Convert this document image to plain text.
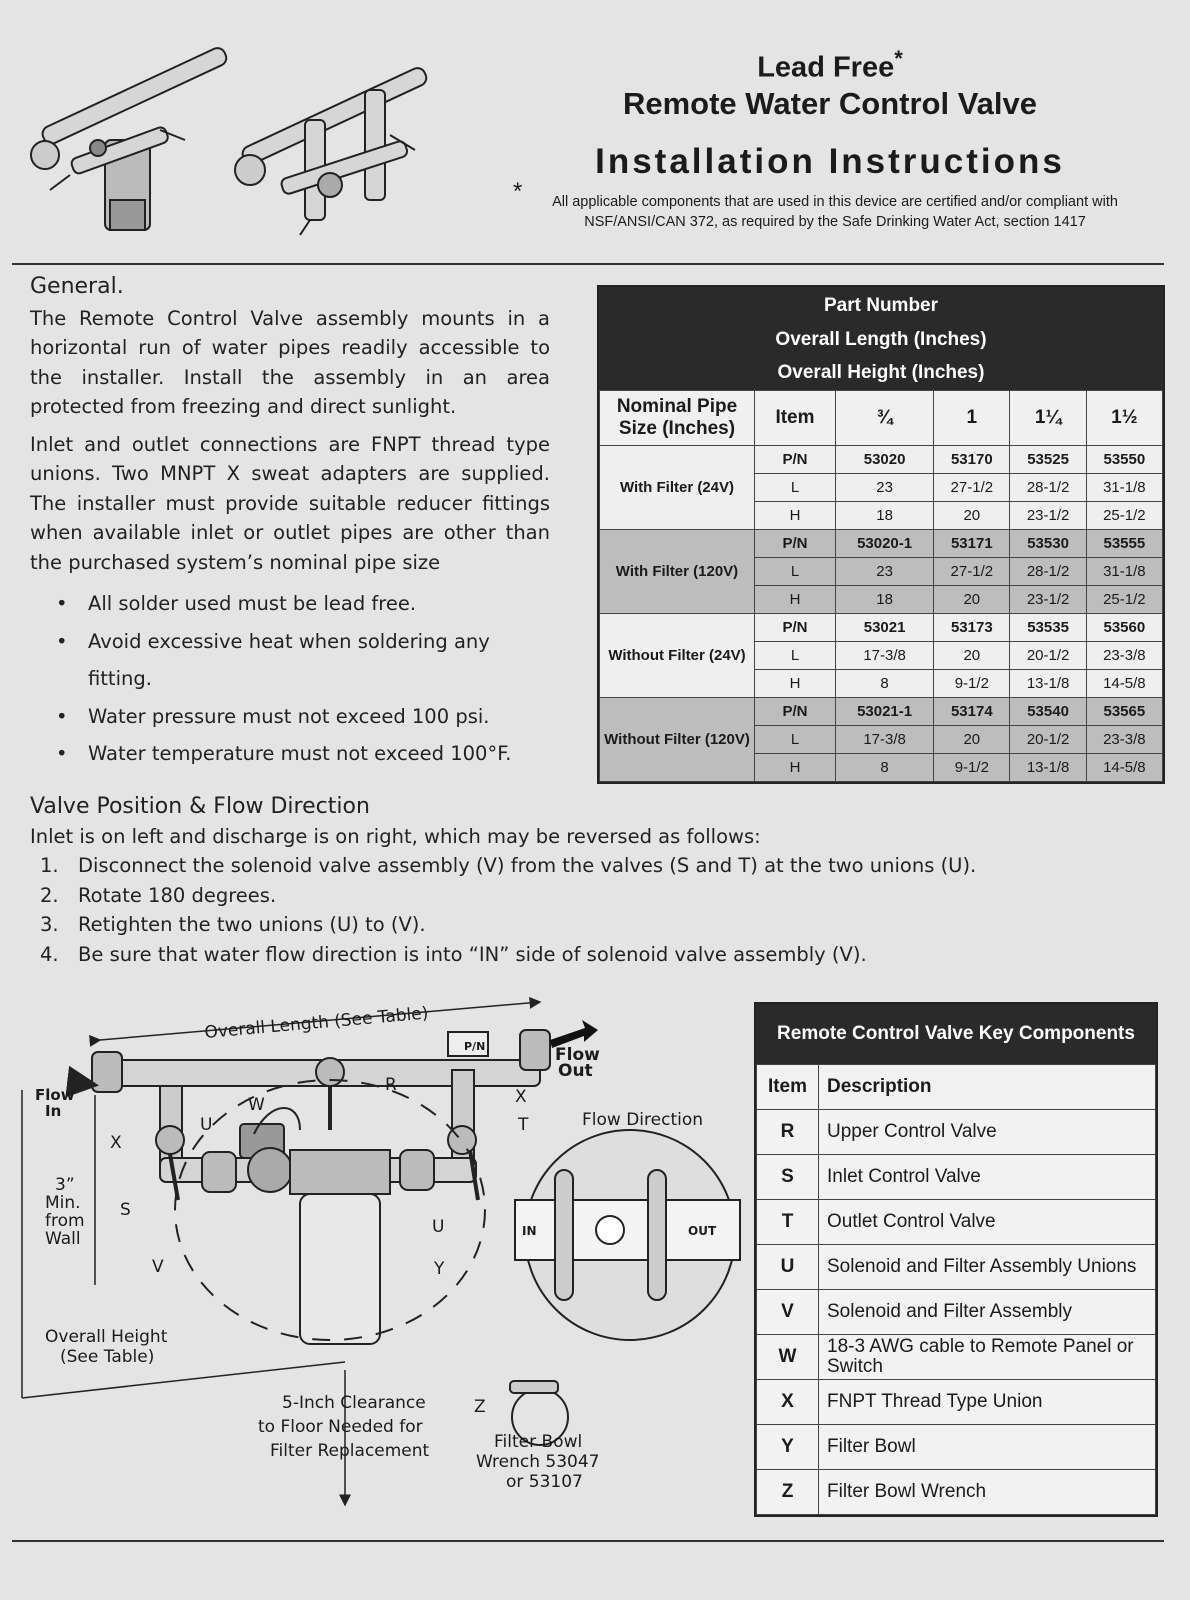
Lead Free*
Remote Water Control Valve
Installation Instructions
* All applicable components that are used in this device are certified and/or compliant with NSF/ANSI/CAN 372, as required by the Safe Drinking Water Act, section 1417
General.

The Remote Control Valve assembly mounts in a horizontal run of water pipes readily accessible to the installer. Install the assembly in an area protected from freezing and direct sunlight.

Inlet and outlet connections are FNPT thread type unions. Two MNPT X sweat adapters are supplied. The installer must provide suitable reducer fittings when available inlet or outlet pipes are other than the purchased system’s nominal pipe size

• All solder used must be lead free.
• Avoid excessive heat when soldering any fitting.
• Water pressure must not exceed 100 psi.
• Water temperature must not exceed 100°F.
Part Number
Overall Length (Inches)
Overall Height (Inches)
Nominal Pipe Size (Inches)	Item	¾	1	1¼	1½
With Filter (24V)	P/N	53020	53170	53525	53550
	L	23	27-1/2	28-1/2	31-1/8
	H	18	20	23-1/2	25-1/2
With Filter (120V)	P/N	53020-1	53171	53530	53555
	L	23	27-1/2	28-1/2	31-1/8
	H	18	20	23-1/2	25-1/2
Without Filter (24V)	P/N	53021	53173	53535	53560
	L	17-3/8	20	20-1/2	23-3/8
	H	8	9-1/2	13-1/8	14-5/8
Without Filter (120V)	P/N	53021-1	53174	53540	53565
	L	17-3/8	20	20-1/2	23-3/8
	H	8	9-1/2	13-1/8	14-5/8
Valve Position & Flow Direction

Inlet is on left and discharge is on right, which may be reversed as follows:

1. Disconnect the solenoid valve assembly (V) from the valves (S and T) at the two unions (U).
2. Rotate 180 degrees.
3. Retighten the two unions (U) to (V).
4. Be sure that water flow direction is into “IN” side of solenoid valve assembly (V).
Overall Length (See Table)
Flow
Out
Flow
In
P/N
3”
Min.
from
Wall
Overall Height
(See Table)
5-Inch Clearance
to Floor Needed for
Filter Replacement
R
W
U	T
S
U
V	Y
X
X
Z
Flow Direction
IN	OUT
Filter Bowl
Wrench 53047
or 53107
Remote Control Valve Key Components
Item	Description
R	Upper Control Valve
S	Inlet Control Valve
T	Outlet Control Valve
U	Solenoid and Filter Assembly Unions
V	Solenoid and Filter Assembly
W	18-3 AWG cable to Remote Panel or Switch
X	FNPT Thread Type Union
Y	Filter Bowl
Z	Filter Bowl Wrench
